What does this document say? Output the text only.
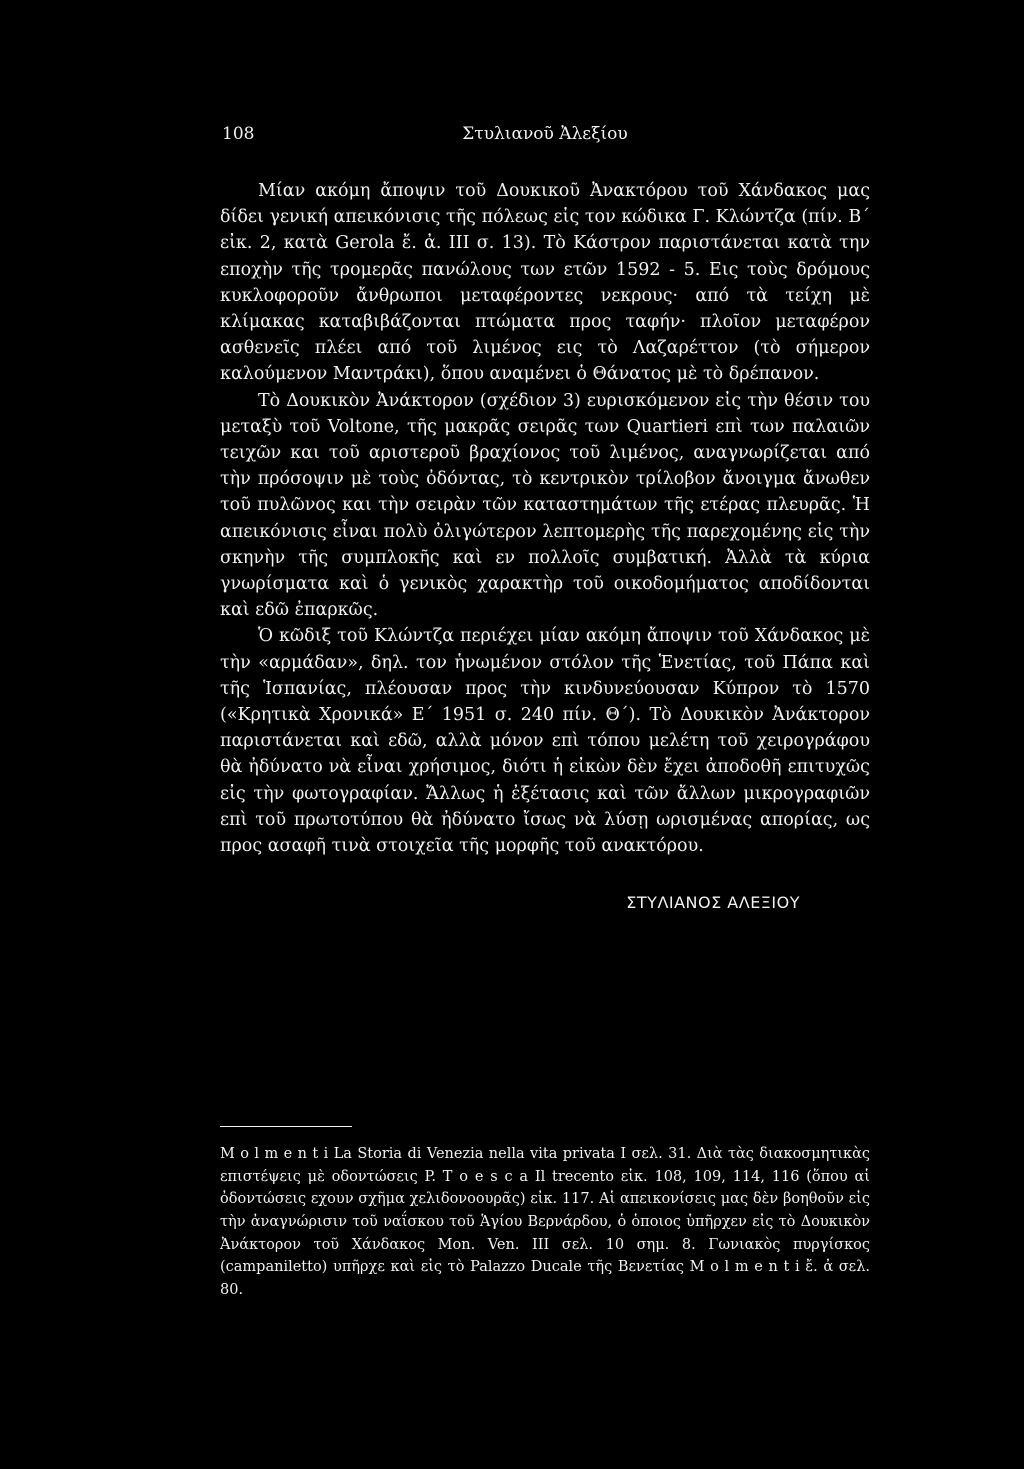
108	Στυλιανοῦ Ἀλεξίου

Μίαν ακόμη ἄποψιν τοῦ Δουκικοῦ Ἀνακτόρου τοῦ Χάνδακος μας δίδει γενική απεικόνισις τῆς πόλεως εἰς τον κώδικα Γ. Κλώντζα (πίν. Β΄ εἰκ. 2, κατὰ Gerola ἔ. ἀ. III σ. 13). Τὸ Κάστρον παριστάνεται κατὰ την εποχὴν τῆς τρομερᾶς πανώλους των ετῶν 1592 - 5. Εις τοὺς δρόμους κυκλοφοροῦν ἄνθρωποι μεταφέροντες νεκρους· από τὰ τείχη μὲ κλίμακας καταβιβάζονται πτώματα προς ταφήν· πλοῖον μεταφέρον ασθενεῖς πλέει από τοῦ λιμένος εις τὸ Λαζαρέττον (τὸ σήμερον καλούμενον Μαντράκι), ὅπου αναμένει ὁ Θάνατος μὲ τὸ δρέπανον.

Τὸ Δουκικὸν Ἀνάκτορον (σχέδιον 3) ευρισκόμενον εἰς τὴν θέσιν του μεταξὺ τοῦ Voltone, τῆς μακρᾶς σειρᾶς των Quartieri επὶ των παλαιῶν τειχῶν και τοῦ αριστεροῦ βραχίονος τοῦ λιμένος, αναγνωρίζεται από τὴν πρόσοψιν μὲ τοὺς ὀδόντας, τὸ κεντρικὸν τρίλοβον ἄνοιγμα ἄνωθεν τοῦ πυλῶνος και τὴν σειρὰν τῶν καταστημάτων τῆς ετέρας πλευρᾶς. Ἡ απεικόνισις εἶναι πολὺ ὀλιγώτερον λεπτομερὴς τῆς παρεχομένης εἰς τὴν σκηνὴν τῆς συμπλοκῆς καὶ εν πολλοῖς συμβατική. Ἀλλὰ τὰ κύρια γνωρίσματα καὶ ὁ γενικὸς χαρακτὴρ τοῦ οικοδομήματος αποδίδονται καὶ εδῶ ἐπαρκῶς.

Ὁ κῶδιξ τοῦ Κλώντζα περιέχει μίαν ακόμη ἄποψιν τοῦ Χάνδακος μὲ τὴν «αρμάδαν», δηλ. τον ἡνωμένον στόλον τῆς Ἑνετίας, τοῦ Πάπα καὶ τῆς Ἱσπανίας, πλέουσαν προς τὴν κινδυνεύουσαν Κύπρον τὸ 1570 («Κρητικὰ Χρονικά» Ε΄ 1951 σ. 240 πίν. Θ΄). Τὸ Δουκικὸν Ἀνάκτορον παριστάνεται καὶ εδῶ, αλλὰ μόνον επὶ τόπου μελέτη τοῦ χειρογράφου θὰ ἠδύνατο νὰ εἶναι χρήσιμος, διότι ἡ εἰκὼν δὲν ἔχει ἀποδοθῆ επιτυχῶς εἰς τὴν φωτογραφίαν. Ἄλλως ἡ ἐξέτασις καὶ τῶν ἄλλων μικρογραφιῶν επὶ τοῦ πρωτοτύπου θὰ ἠδύνατο ἴσως νὰ λύσῃ ωρισμένας απορίας, ως προς ασαφῆ τινὰ στοιχεῖα τῆς μορφῆς τοῦ ανακτόρου.

ΣΤΥΛΙΑΝΟΣ ΑΛΕΞΙΟΥ

M o l m e n t i La Storia di Venezia nella vita privata I σελ. 31. Διὰ τὰς διακοσμητικὰς επιστέψεις μὲ οδοντώσεις P. T o e s c a Il trecento εἰκ. 108, 109, 114, 116 (ὅπου αἱ ὀδοντώσεις εχουν σχῆμα χελιδονοουρᾶς) εἰκ. 117. Αἱ απεικονίσεις μας δὲν βοηθοῦν εἰς τὴν ἀναγνώρισιν τοῦ ναΐσκου τοῦ Ἁγίου Βερνάρδου, ὁ ὁποιος ὑπῆρχεν εἰς τὸ Δουκικὸν Ἀνάκτορον τοῦ Χάνδακος Mon. Ven. III σελ. 10 σημ. 8. Γωνιακὸς πυργίσκος (campaniletto) υπῆρχε καὶ εἰς τὸ Palazzo Ducale τῆς Βενετίας M o l m e n t i ἔ. ἀ σελ. 80.
